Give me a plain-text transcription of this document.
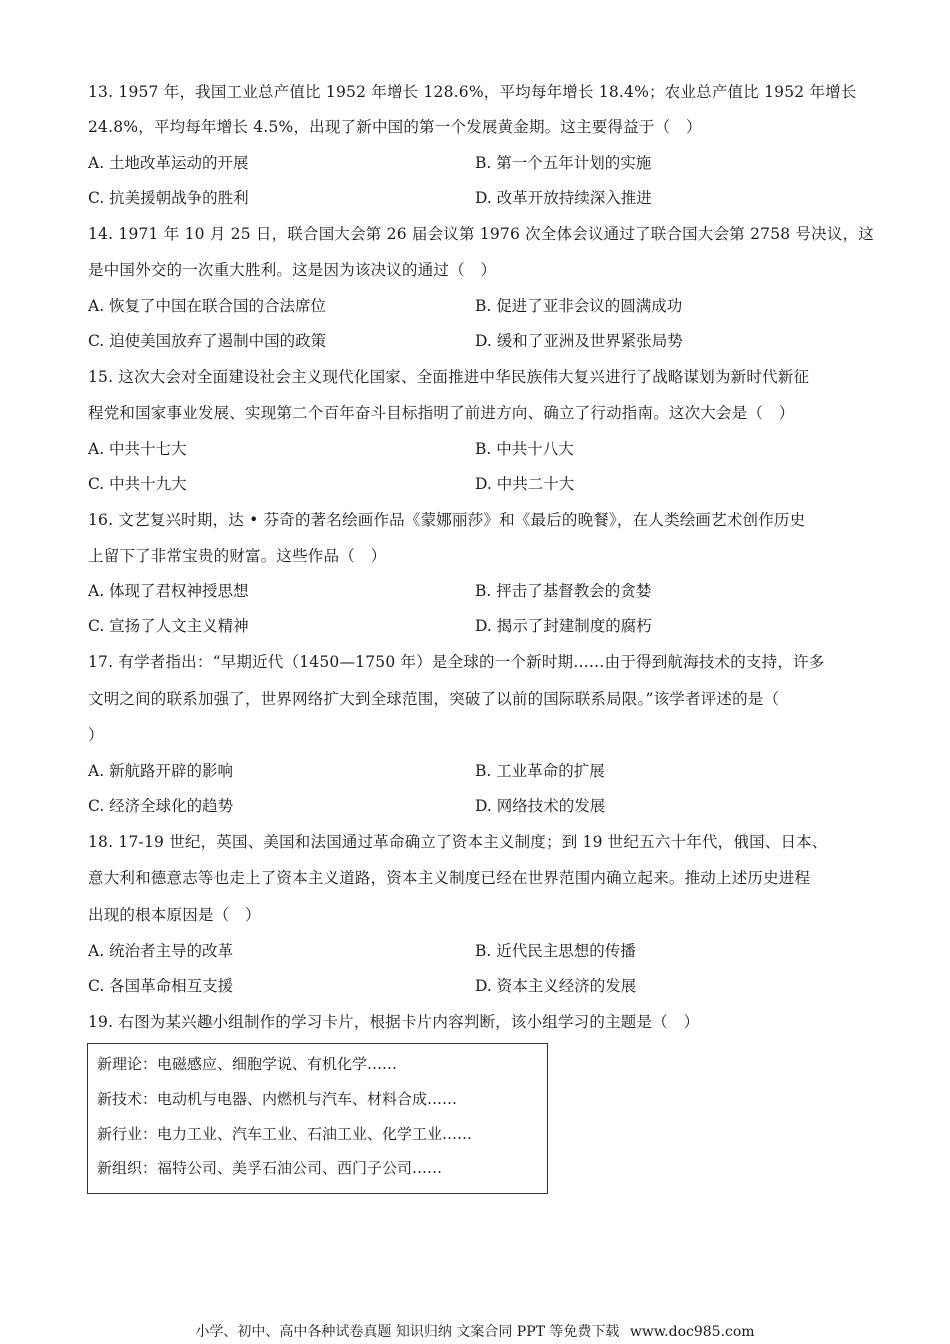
13. 1957 年，我国工业总产值比 1952 年增长 128.6%，平均每年增长 18.4%；农业总产值比 1952 年增长
24.8%，平均每年增长 4.5%，出现了新中国的第一个发展黄金期。这主要得益于（　）
A. 土地改革运动的开展	B. 第一个五年计划的实施
C. 抗美援朝战争的胜利	D. 改革开放持续深入推进
14. 1971 年 10 月 25 日，联合国大会第 26 届会议第 1976 次全体会议通过了联合国大会第 2758 号决议，这
是中国外交的一次重大胜利。这是因为该决议的通过（　）
A. 恢复了中国在联合国的合法席位	B. 促进了亚非会议的圆满成功
C. 迫使美国放弃了遏制中国的政策	D. 缓和了亚洲及世界紧张局势
15. 这次大会对全面建设社会主义现代化国家、全面推进中华民族伟大复兴进行了战略谋划为新时代新征
程党和国家事业发展、实现第二个百年奋斗目标指明了前进方向、确立了行动指南。这次大会是（　）
A. 中共十七大	B. 中共十八大
C. 中共十九大	D. 中共二十大
16. 文艺复兴时期，达 • 芬奇的著名绘画作品《蒙娜丽莎》和《最后的晚餐》，在人类绘画艺术创作历史
上留下了非常宝贵的财富。这些作品（　）
A. 体现了君权神授思想	B. 抨击了基督教会的贪婪
C. 宣扬了人文主义精神	D. 揭示了封建制度的腐朽
17. 有学者指出：“早期近代（1450—1750 年）是全球的一个新时期……由于得到航海技术的支持，许多
文明之间的联系加强了，世界网络扩大到全球范围，突破了以前的国际联系局限。”该学者评述的是（
）
A. 新航路开辟的影响	B. 工业革命的扩展
C. 经济全球化的趋势	D. 网络技术的发展
18. 17-19 世纪，英国、美国和法国通过革命确立了资本主义制度；到 19 世纪五六十年代，俄国、日本、
意大利和德意志等也走上了资本主义道路，资本主义制度已经在世界范围内确立起来。推动上述历史进程
出现的根本原因是（　）
A. 统治者主导的改革	B. 近代民主思想的传播
C. 各国革命相互支援	D. 资本主义经济的发展
19. 右图为某兴趣小组制作的学习卡片，根据卡片内容判断，该小组学习的主题是（　）
新理论：电磁感应、细胞学说、有机化学……
新技术：电动机与电器、内燃机与汽车、材料合成……
新行业：电力工业、汽车工业、石油工业、化学工业……
新组织：福特公司、美孚石油公司、西门子公司……
小学、初中、高中各种试卷真题 知识归纳 文案合同 PPT 等免费下载 www.doc985.com
